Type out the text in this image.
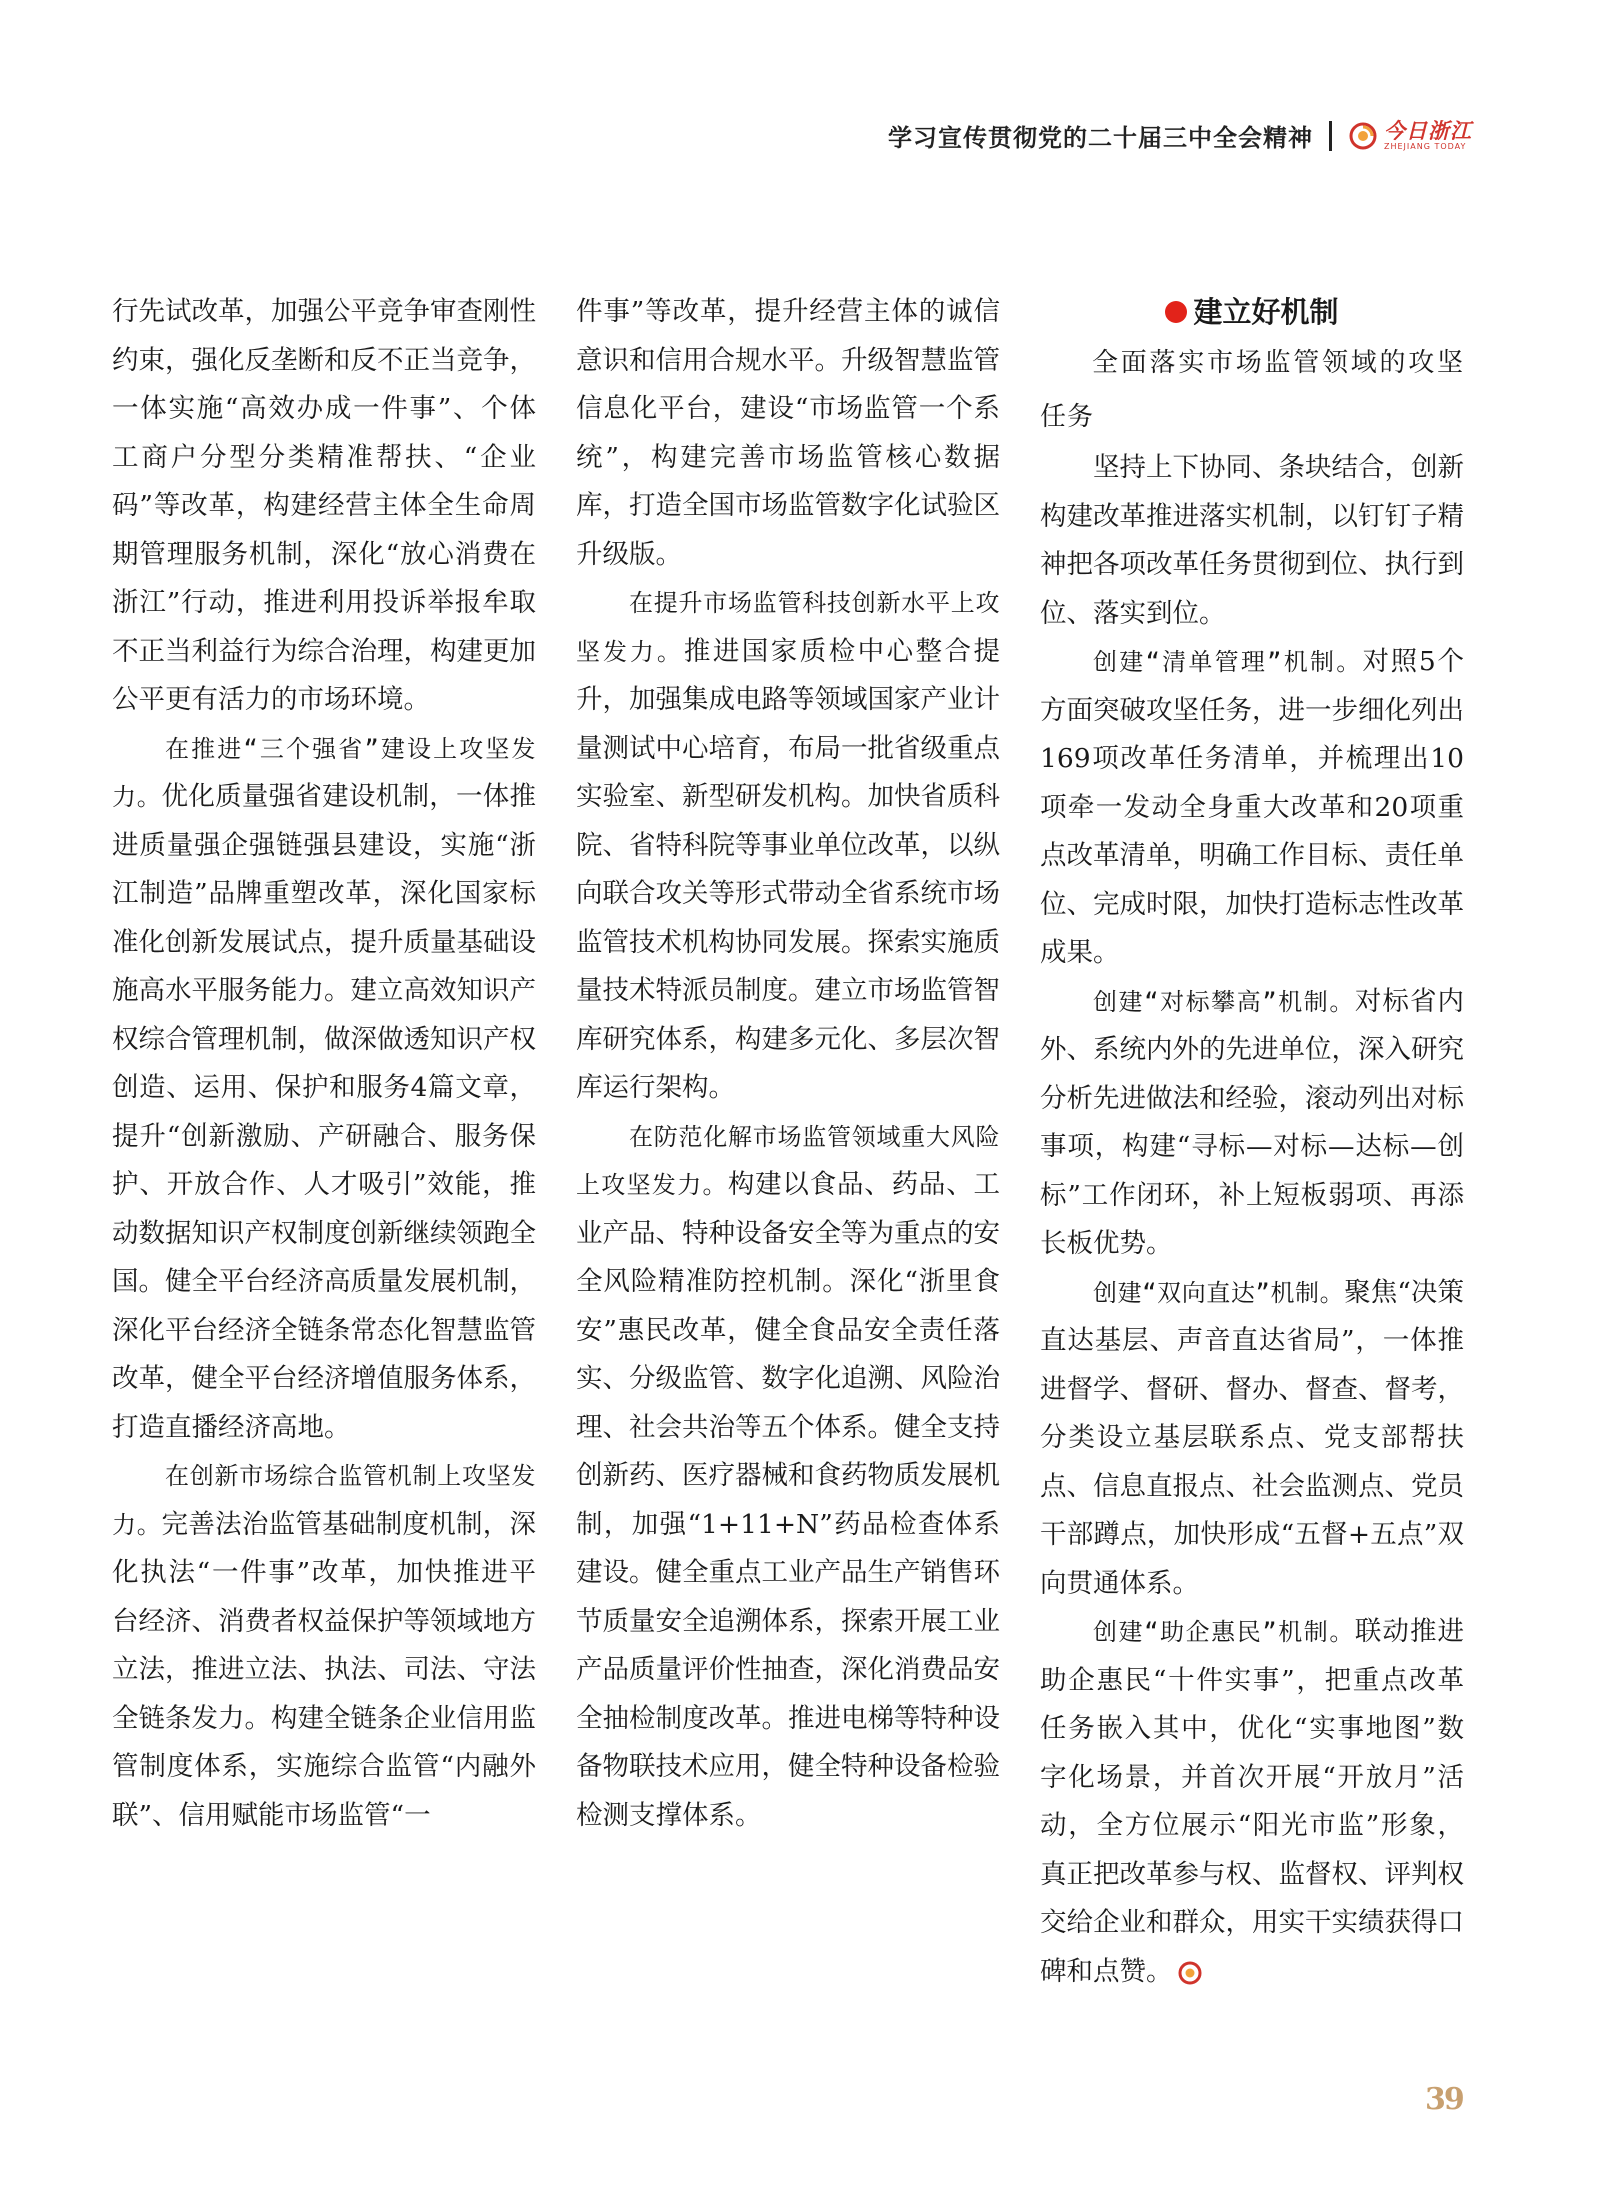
学习宣传贯彻党的二十届三中全会精神	今日浙江
ZHEJIANG TODAY

行先试改革，加强公平竞争审查刚性约束，强化反垄断和反不正当竞争，一体实施“高效办成一件事”、个体工商户分型分类精准帮扶、“企业码”等改革，构建经营主体全生命周期管理服务机制，深化“放心消费在浙江”行动，推进利用投诉举报牟取不正当利益行为综合治理，构建更加公平更有活力的市场环境。

在推进“三个强省”建设上攻坚发力。优化质量强省建设机制，一体推进质量强企强链强县建设，实施“浙江制造”品牌重塑改革，深化国家标准化创新发展试点，提升质量基础设施高水平服务能力。建立高效知识产权综合管理机制，做深做透知识产权创造、运用、保护和服务4篇文章，提升“创新激励、产研融合、服务保护、开放合作、人才吸引”效能，推动数据知识产权制度创新继续领跑全国。健全平台经济高质量发展机制，深化平台经济全链条常态化智慧监管改革，健全平台经济增值服务体系，打造直播经济高地。

在创新市场综合监管机制上攻坚发力。完善法治监管基础制度机制，深化执法“一件事”改革，加快推进平台经济、消费者权益保护等领域地方立法，推进立法、执法、司法、守法全链条发力。构建全链条企业信用监管制度体系，实施综合监管“内融外联”、信用赋能市场监管“一

件事”等改革，提升经营主体的诚信意识和信用合规水平。升级智慧监管信息化平台，建设“市场监管一个系统”，构建完善市场监管核心数据库，打造全国市场监管数字化试验区升级版。

在提升市场监管科技创新水平上攻坚发力。推进国家质检中心整合提升，加强集成电路等领域国家产业计量测试中心培育，布局一批省级重点实验室、新型研发机构。加快省质科院、省特科院等事业单位改革，以纵向联合攻关等形式带动全省系统市场监管技术机构协同发展。探索实施质量技术特派员制度。建立市场监管智库研究体系，构建多元化、多层次智库运行架构。

在防范化解市场监管领域重大风险上攻坚发力。构建以食品、药品、工业产品、特种设备安全等为重点的安全风险精准防控机制。深化“浙里食安”惠民改革，健全食品安全责任落实、分级监管、数字化追溯、风险治理、社会共治等五个体系。健全支持创新药、医疗器械和食药物质发展机制，加强“1+11+N”药品检查体系建设。健全重点工业产品生产销售环节质量安全追溯体系，探索开展工业产品质量评价性抽查，深化消费品安全抽检制度改革。推进电梯等特种设备物联技术应用，健全特种设备检验检测支撑体系。

建立好机制

全面落实市场监管领域的攻坚任务

坚持上下协同、条块结合，创新构建改革推进落实机制，以钉钉子精神把各项改革任务贯彻到位、执行到位、落实到位。

创建“清单管理”机制。对照5个方面突破攻坚任务，进一步细化列出169项改革任务清单，并梳理出10项牵一发动全身重大改革和20项重点改革清单，明确工作目标、责任单位、完成时限，加快打造标志性改革成果。

创建“对标攀高”机制。对标省内外、系统内外的先进单位，深入研究分析先进做法和经验，滚动列出对标事项，构建“寻标—对标—达标—创标”工作闭环，补上短板弱项、再添长板优势。

创建“双向直达”机制。聚焦“决策直达基层、声音直达省局”，一体推进督学、督研、督办、督查、督考，分类设立基层联系点、党支部帮扶点、信息直报点、社会监测点、党员干部蹲点，加快形成“五督+五点”双向贯通体系。

创建“助企惠民”机制。联动推进助企惠民“十件实事”，把重点改革任务嵌入其中，优化“实事地图”数字化场景，并首次开展“开放月”活动，全方位展示“阳光市监”形象，真正把改革参与权、监督权、评判权交给企业和群众，用实干实绩获得口碑和点赞。

39
